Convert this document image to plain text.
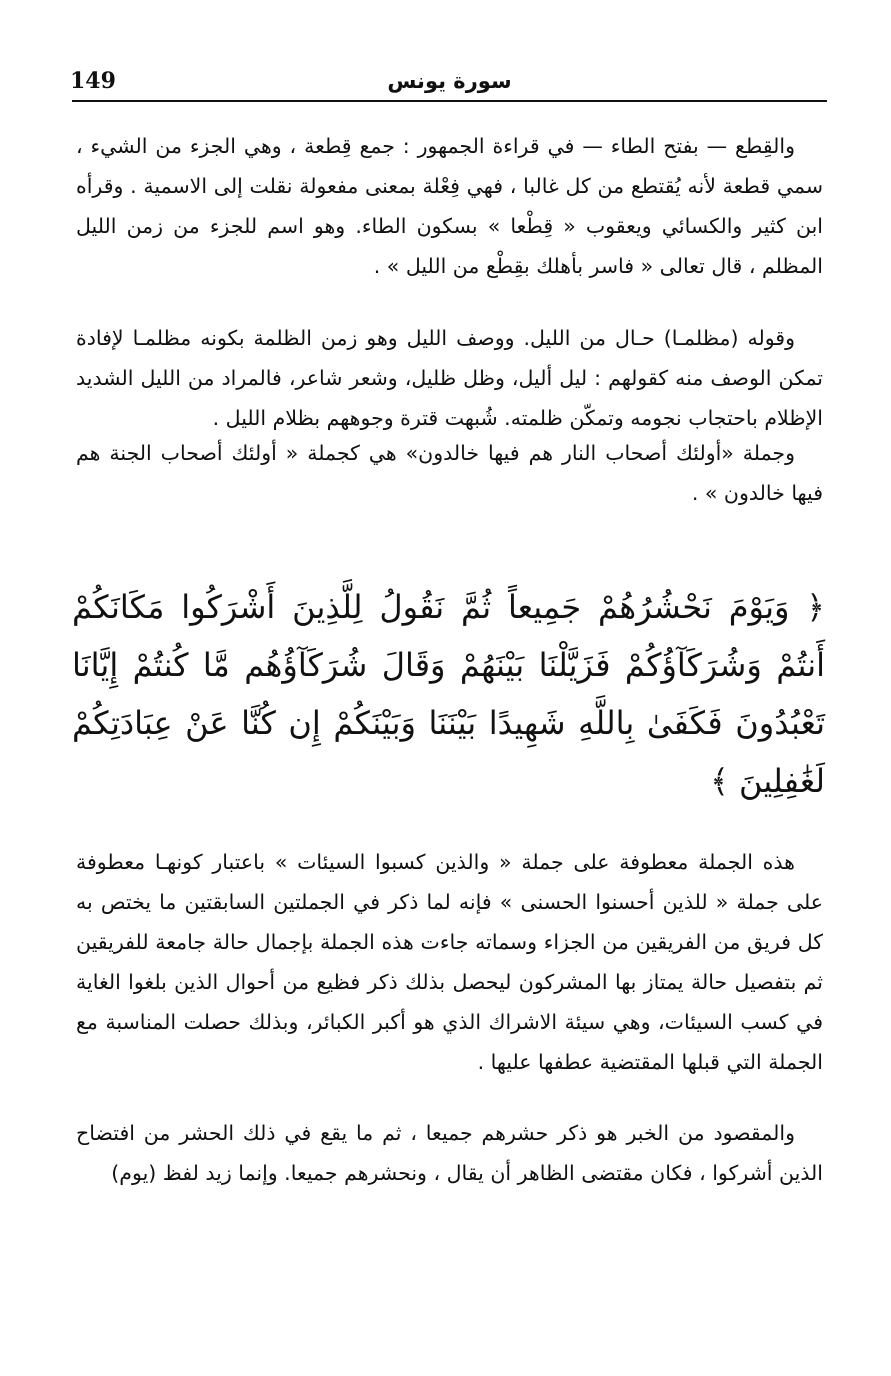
149	سورة يونس

والقِطع — بفتح الطاء — في قراءة الجمهور : جمع قِطعة ، وهي الجزء من الشيء ، سمي قطعة لأنه يُقتطع من كل غالبا ، فهي فِعْلة بمعنى مفعولة نقلت إلى الاسمية . وقرأه ابن كثير والكسائي ويعقوب « قِطْعا » بسكون الطاء. وهو اسم للجزء من زمن الليل المظلم ، قال تعالى « فاسر بأهلك بقِطْع من الليل » .

وقوله (مظلمـا) حـال من الليل. ووصف الليل وهو زمن الظلمة بكونه مظلمـا لإفادة تمكن الوصف منه كقولهم : ليل أليل، وظل ظليل، وشعر شاعر، فالمراد من الليل الشديد الإظلام باحتجاب نجومه وتمكّن ظلمته. شُبهت قترة وجوههم بظلام الليل .

وجملة «أولئك أصحاب النار هم فيها خالدون» هي كجملة « أولئك أصحاب الجنة هم فيها خالدون » .

﴿ وَيَوْمَ نَحْشُرُهُمْ جَمِيعاً ثُمَّ نَقُولُ لِلَّذِينَ أَشْرَكُوا مَكَانَكُمْ أَنتُمْ وَشُرَكَآؤُكُمْ فَزَيَّلْنَا بَيْنَهُمْ وَقَالَ شُرَكَآؤُهُم مَّا كُنتُمْ إِيَّانَا تَعْبُدُونَ فَكَفَىٰ بِاللَّهِ شَهِيدًا بَيْنَنَا وَبَيْنَكُمْ إِن كُنَّا عَنْ عِبَادَتِكُمْ لَغَٰفِلِينَ ﴾

هذه الجملة معطوفة على جملة « والذين كسبوا السيئات » باعتبار كونهـا معطوفة على جملة « للذين أحسنوا الحسنى » فإنه لما ذكر في الجملتين السابقتين ما يختص به كل فريق من الفريقين من الجزاء وسماته جاءت هذه الجملة بإجمال حالة جامعة للفريقين ثم بتفصيل حالة يمتاز بها المشركون ليحصل بذلك ذكر فظيع من أحوال الذين بلغوا الغاية في كسب السيئات، وهي سيئة الاشراك الذي هو أكبر الكبائر، وبذلك حصلت المناسبة مع الجملة التي قبلها المقتضية عطفها عليها .

والمقصود من الخبر هو ذكر حشرهم جميعا ، ثم ما يقع في ذلك الحشر من افتضاح الذين أشركوا ، فكان مقتضى الظاهر أن يقال ، ونحشرهم جميعا. وإنما زيد لفظ (يوم)
